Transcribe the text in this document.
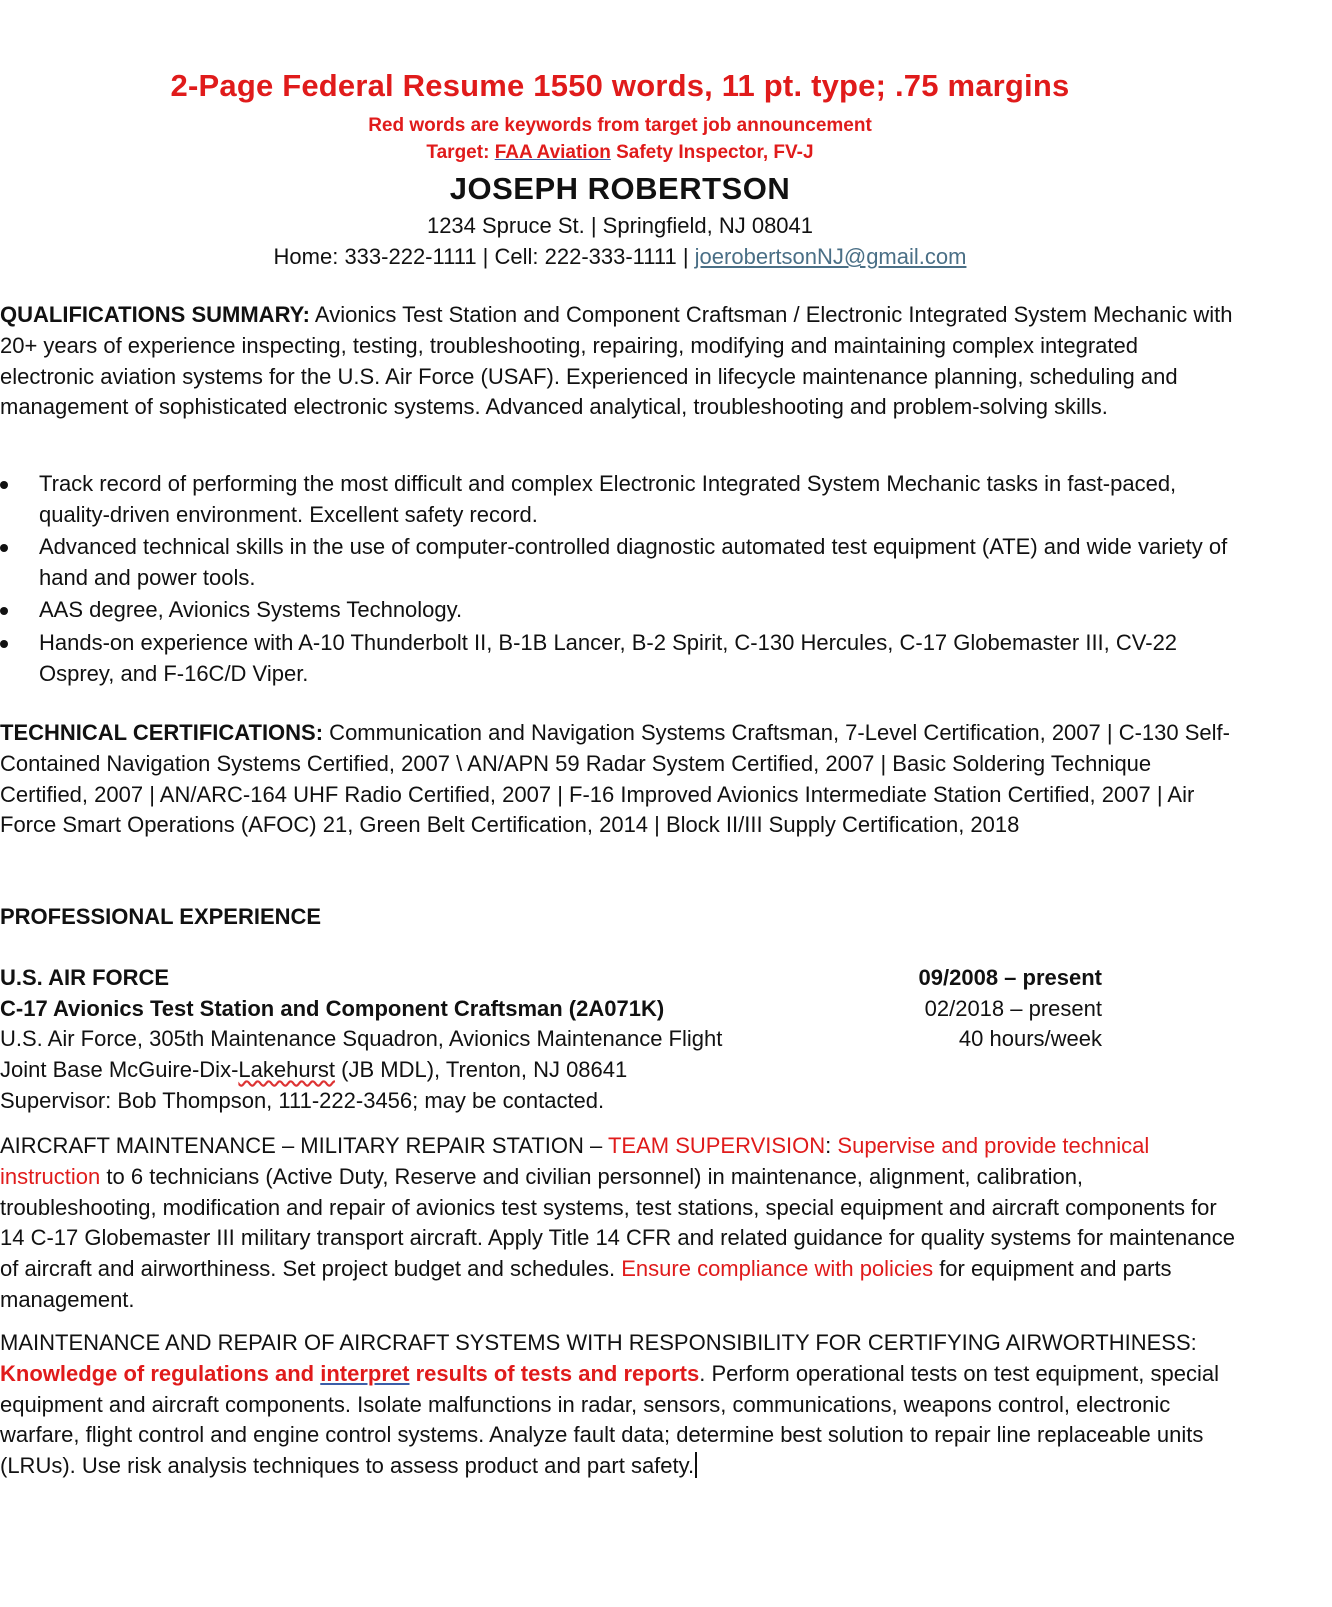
2-Page Federal Resume 1550 words, 11 pt. type; .75 margins
Red words are keywords from target job announcement
Target: FAA Aviation Safety Inspector, FV-J
JOSEPH ROBERTSON
1234 Spruce St. | Springfield, NJ 08041
Home: 333-222-1111 | Cell: 222-333-1111 | joerobertsonNJ@gmail.com
QUALIFICATIONS SUMMARY: Avionics Test Station and Component Craftsman / Electronic Integrated System Mechanic with 20+ years of experience inspecting, testing, troubleshooting, repairing, modifying and maintaining complex integrated electronic aviation systems for the U.S. Air Force (USAF). Experienced in lifecycle maintenance planning, scheduling and management of sophisticated electronic systems. Advanced analytical, troubleshooting and problem-solving skills.
Track record of performing the most difficult and complex Electronic Integrated System Mechanic tasks in fast-paced, quality-driven environment. Excellent safety record.
Advanced technical skills in the use of computer-controlled diagnostic automated test equipment (ATE) and wide variety of hand and power tools.
AAS degree, Avionics Systems Technology.
Hands-on experience with A-10 Thunderbolt II, B-1B Lancer, B-2 Spirit, C-130 Hercules, C-17 Globemaster III, CV-22 Osprey, and F-16C/D Viper.
TECHNICAL CERTIFICATIONS: Communication and Navigation Systems Craftsman, 7-Level Certification, 2007 | C-130 Self-Contained Navigation Systems Certified, 2007 \ AN/APN 59 Radar System Certified, 2007 | Basic Soldering Technique Certified, 2007 | AN/ARC-164 UHF Radio Certified, 2007 | F-16 Improved Avionics Intermediate Station Certified, 2007 | Air Force Smart Operations (AFOC) 21, Green Belt Certification, 2014 | Block II/III Supply Certification, 2018
PROFESSIONAL EXPERIENCE
U.S. AIR FORCE	09/2008 – present
C-17 Avionics Test Station and Component Craftsman (2A071K)	02/2018 – present
U.S. Air Force, 305th Maintenance Squadron, Avionics Maintenance Flight	40 hours/week
Joint Base McGuire-Dix-Lakehurst (JB MDL), Trenton, NJ 08641
Supervisor: Bob Thompson, 111-222-3456; may be contacted.
AIRCRAFT MAINTENANCE – MILITARY REPAIR STATION – TEAM SUPERVISION: Supervise and provide technical instruction to 6 technicians (Active Duty, Reserve and civilian personnel) in maintenance, alignment, calibration, troubleshooting, modification and repair of avionics test systems, test stations, special equipment and aircraft components for 14 C-17 Globemaster III military transport aircraft. Apply Title 14 CFR and related guidance for quality systems for maintenance of aircraft and airworthiness. Set project budget and schedules. Ensure compliance with policies for equipment and parts management.
MAINTENANCE AND REPAIR OF AIRCRAFT SYSTEMS WITH RESPONSIBILITY FOR CERTIFYING AIRWORTHINESS: Knowledge of regulations and interpret results of tests and reports. Perform operational tests on test equipment, special equipment and aircraft components. Isolate malfunctions in radar, sensors, communications, weapons control, electronic warfare, flight control and engine control systems. Analyze fault data; determine best solution to repair line replaceable units (LRUs). Use risk analysis techniques to assess product and part safety.
